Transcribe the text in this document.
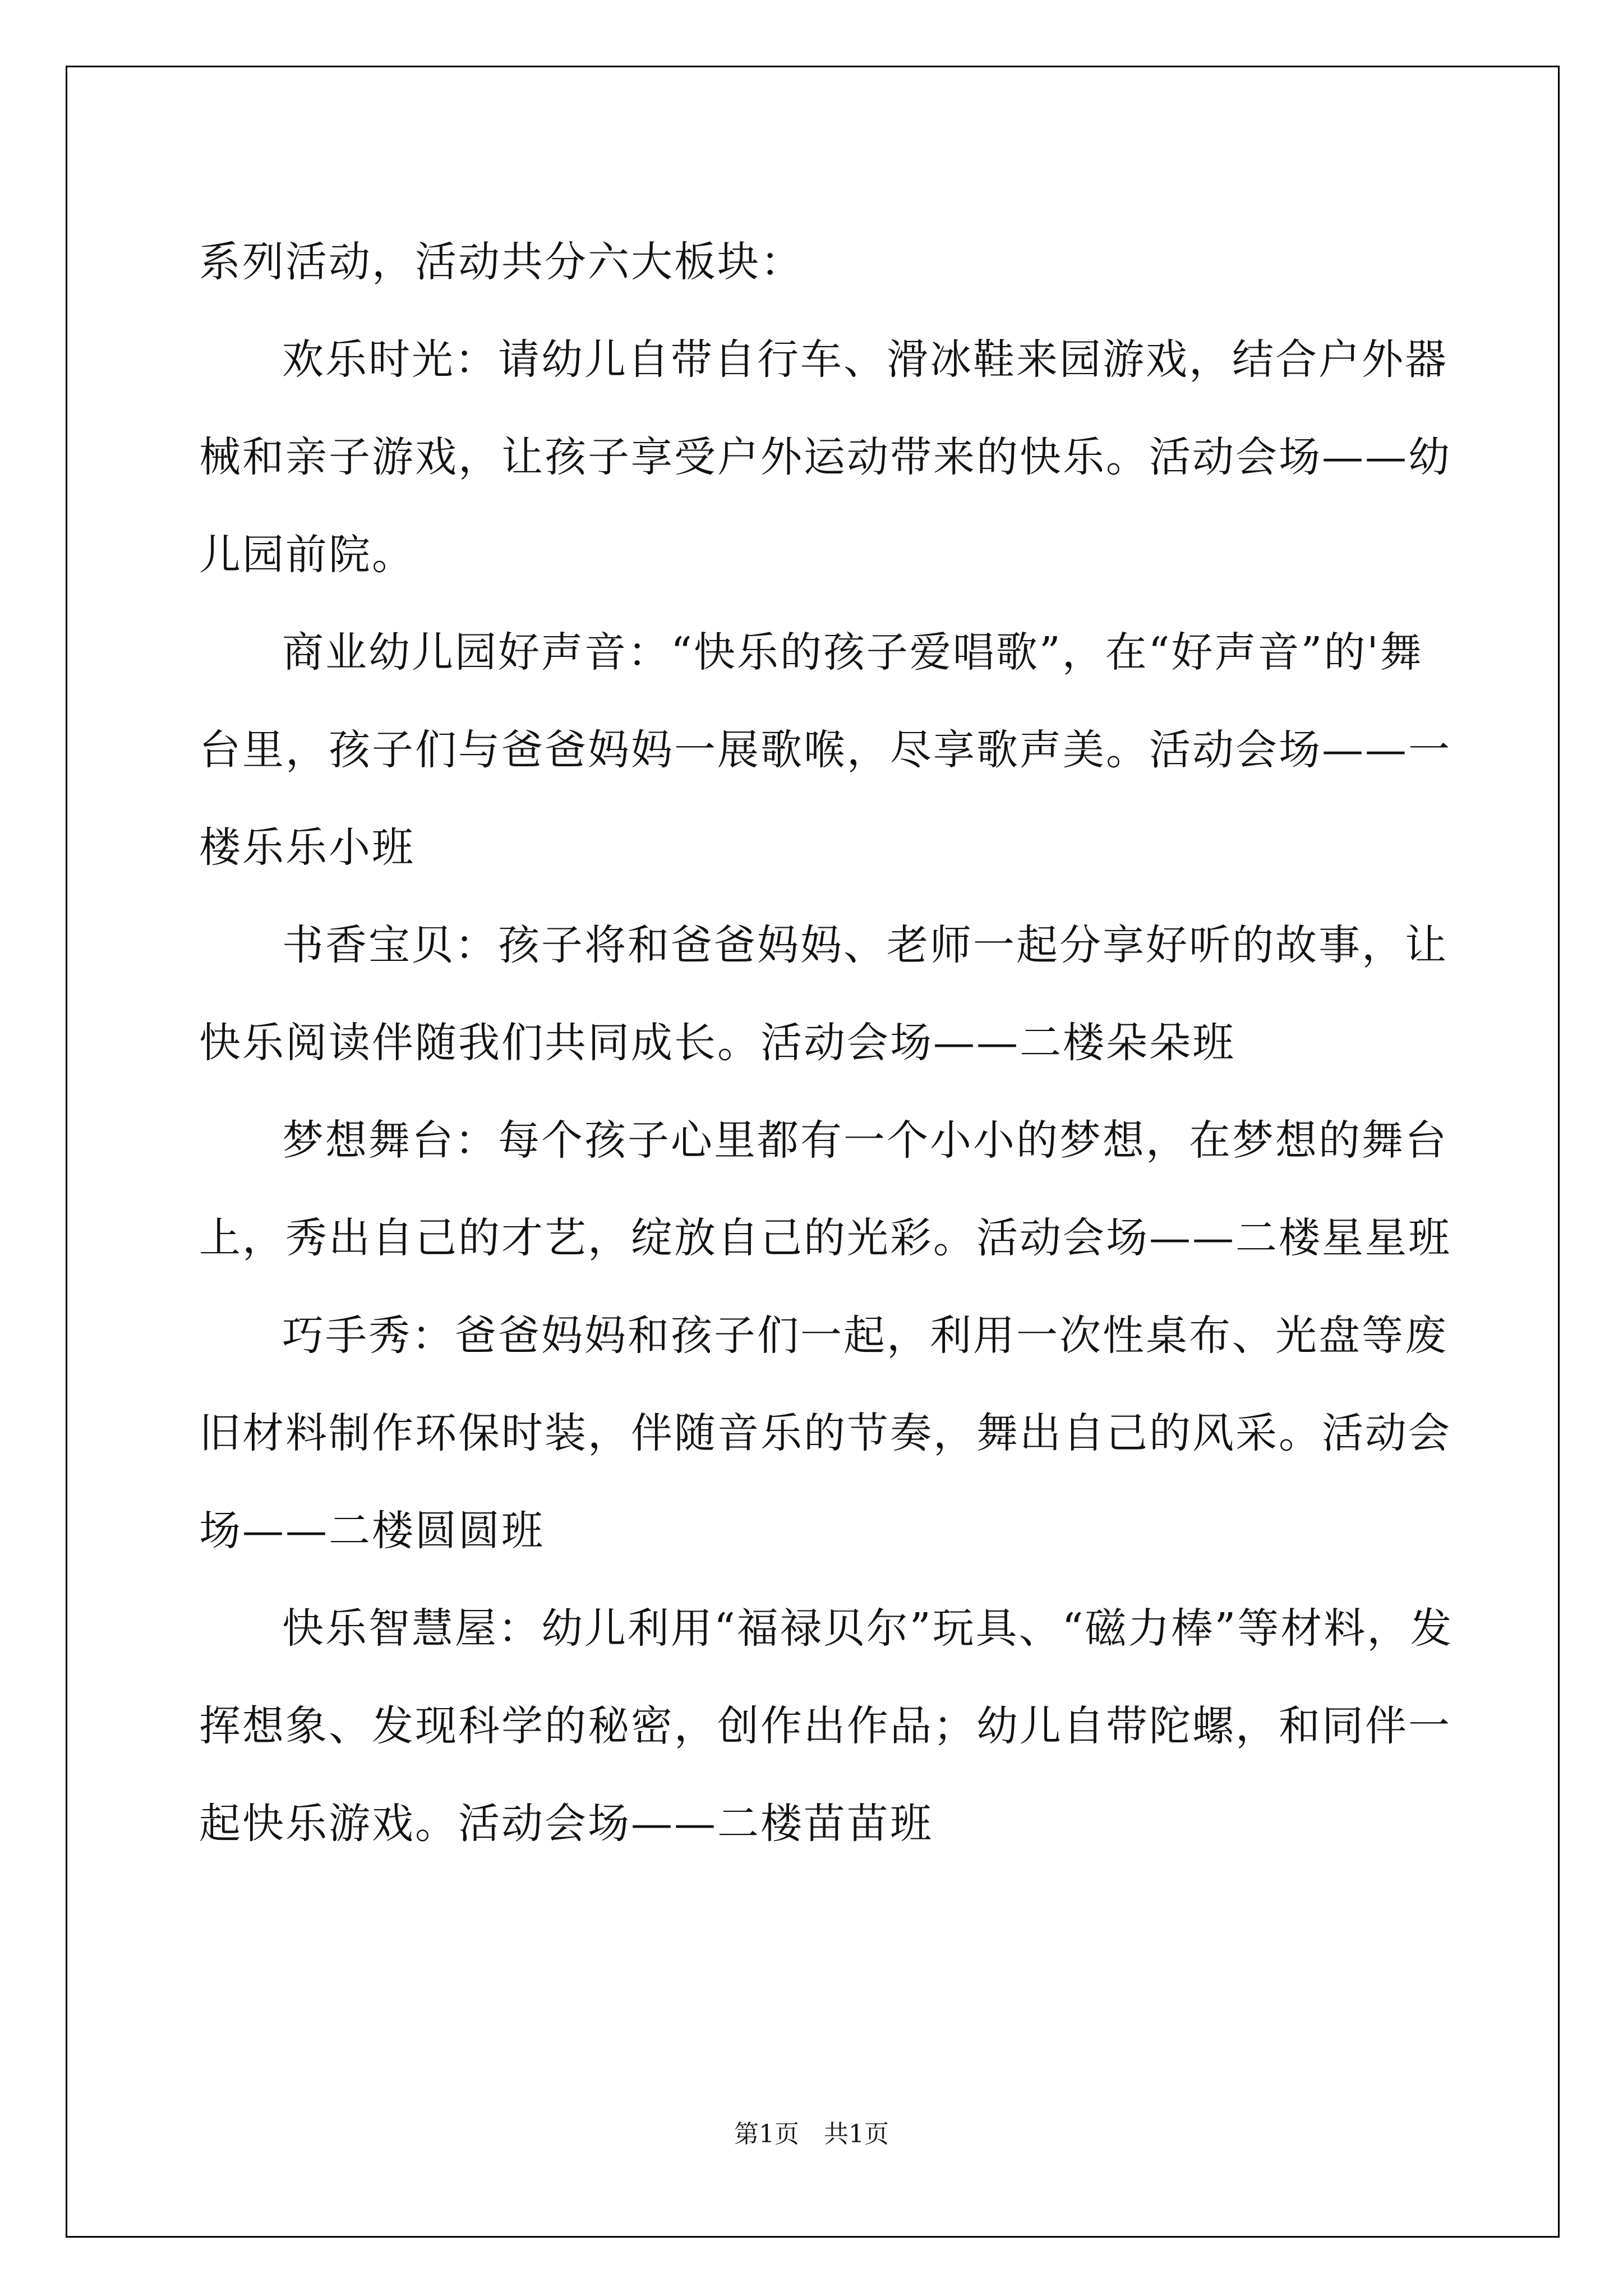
系列活动，活动共分六大板块：

欢乐时光：请幼儿自带自行车、滑冰鞋来园游戏，结合户外器械和亲子游戏，让孩子享受户外运动带来的快乐。活动会场——幼儿园前院。

商业幼儿园好声音：“快乐的孩子爱唱歌”，在“好声音”的'舞台里，孩子们与爸爸妈妈一展歌喉，尽享歌声美。活动会场——一楼乐乐小班

书香宝贝：孩子将和爸爸妈妈、老师一起分享好听的故事，让快乐阅读伴随我们共同成长。活动会场——二楼朵朵班

梦想舞台：每个孩子心里都有一个小小的梦想，在梦想的舞台上，秀出自己的才艺，绽放自己的光彩。活动会场——二楼星星班

巧手秀：爸爸妈妈和孩子们一起，利用一次性桌布、光盘等废旧材料制作环保时装，伴随音乐的节奏，舞出自己的风采。活动会场——二楼圆圆班

快乐智慧屋：幼儿利用“福禄贝尔”玩具、“磁力棒”等材料，发挥想象、发现科学的秘密，创作出作品；幼儿自带陀螺，和同伴一起快乐游戏。活动会场——二楼苗苗班

第1页　共1页
